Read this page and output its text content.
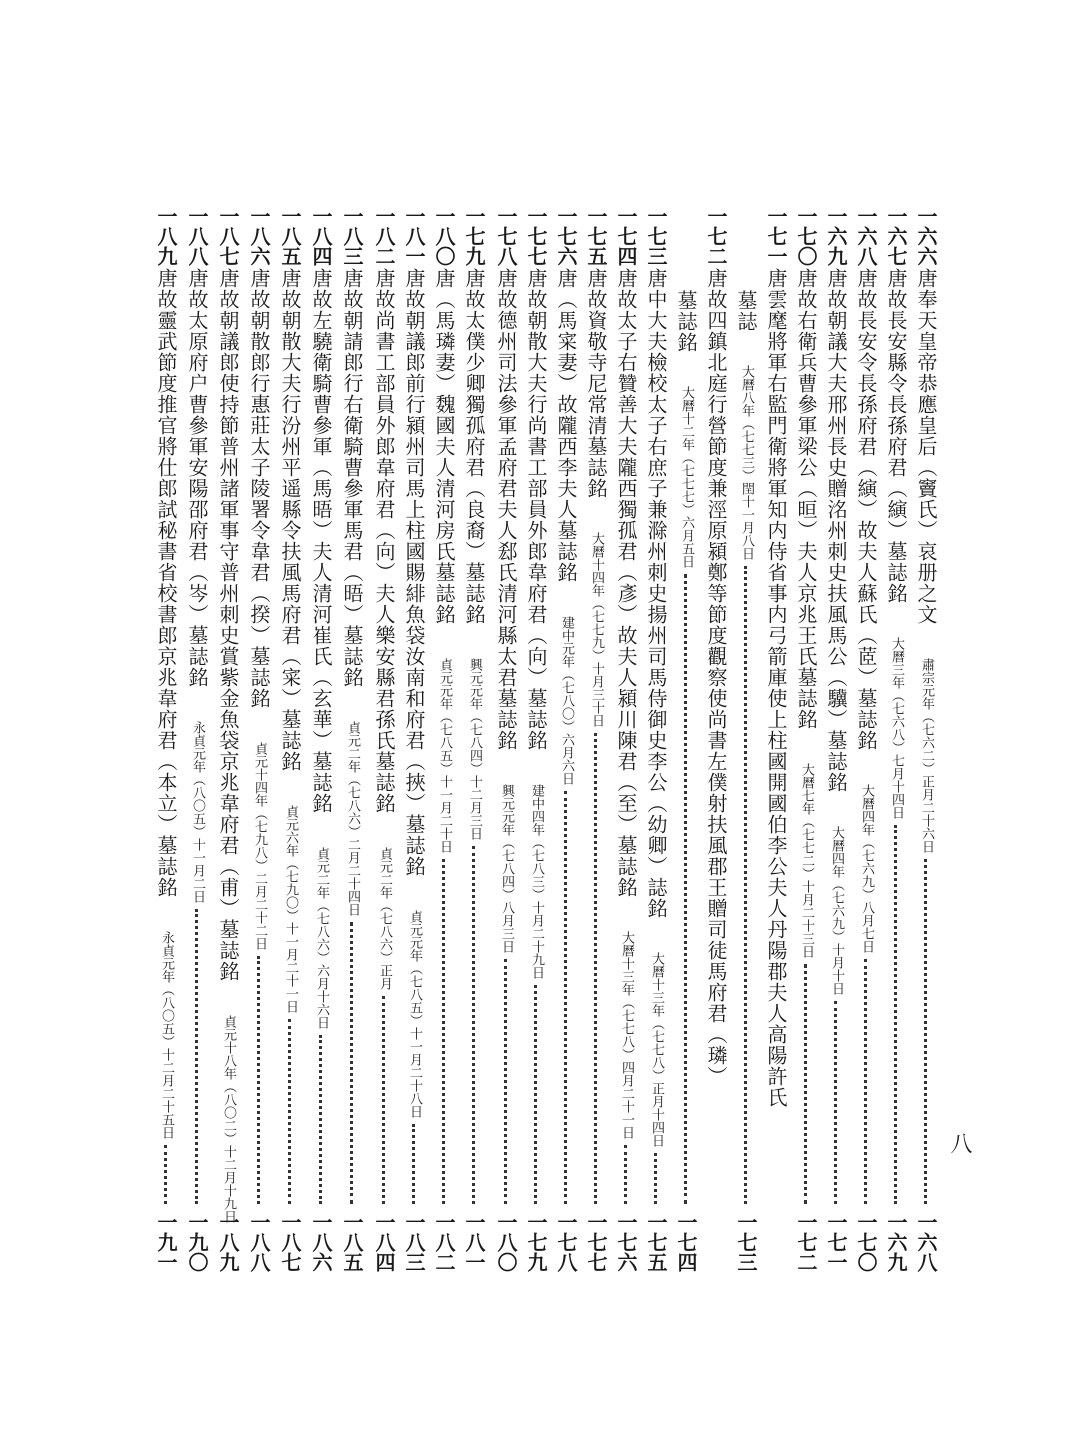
八
一六六
唐奉天皇帝恭應皇后（竇氏）哀册之文　肅宗元年（七六二）正月二十六日
一六八
一六七
唐故長安縣令長孫府君（縯）墓誌銘　大曆三年（七六八）七月十四日
一六九
一六八
唐故長安令長孫府君（縯）故夫人蘇氏（茝）墓誌銘　大曆四年（七六九）八月七日
一七〇
一六九
唐故朝議大夫邢州長史贈洺州刺史扶風馬公（驥）墓誌銘　大曆四年（七六九）十月十日
一七一
一七〇
唐故右衛兵曹參軍梁公（晅）夫人京兆王氏墓誌銘　大曆七年（七七二）十月二十三日
一七二
一七一
唐雲麾將軍右監門衛將軍知内侍省事内弓箭庫使上柱國開國伯李公夫人丹陽郡夫人高陽許氏
墓誌　大曆八年（七七三）閏十一月八日
一七三
一七二
唐故四鎮北庭行營節度兼涇原潁鄭等節度觀察使尚書左僕射扶風郡王贈司徒馬府君（璘）
墓誌銘　大曆十二年（七七七）六月五日
一七四
一七三
唐中大夫檢校太子右庶子兼滁州刺史揚州司馬侍御史李公（幼卿）誌銘　大曆十三年（七七八）正月十四日
一七五
一七四
唐故太子右贊善大夫隴西獨孤君（彥）故夫人潁川陳君（至）墓誌銘　大曆十三年（七七八）四月二十一日
一七六
一七五
唐故資敬寺尼常清墓誌銘　大曆十四年（七七九）十月三十日
一七七
一七六
唐（馬寀妻）故隴西李夫人墓誌銘　建中元年（七八〇）六月六日
一七八
一七七
唐故朝散大夫行尚書工部員外郎韋府君（向）墓誌銘　建中四年（七八三）十月二十九日
一七九
一七八
唐故德州司法參軍孟府君夫人郄氏清河縣太君墓誌銘　興元元年（七八四）八月三日
一八〇
一七九
唐故太僕少卿獨孤府君（良裔）墓誌銘　興元元年（七八四）十二月三日
一八一
一八〇
唐（馬璘妻）魏國夫人清河房氏墓誌銘　貞元元年（七八五）十一月二十日
一八二
一八一
唐故朝議郎前行潁州司馬上柱國賜緋魚袋汝南和府君（挾）墓誌銘　貞元元年（七八五）十一月二十八日
一八三
一八二
唐故尚書工部員外郎韋府君（向）夫人樂安縣君孫氏墓誌銘　貞元二年（七八六）正月
一八四
一八三
唐故朝請郎行右衛騎曹參軍馬君（晤）墓誌銘　貞元二年（七八六）二月二十四日
一八五
一八四
唐故左驍衛騎曹參軍（馬晤）夫人清河崔氏（玄華）墓誌銘　貞元二年（七八六）六月十六日
一八六
一八五
唐故朝散大夫行汾州平遥縣令扶風馬府君（寀）墓誌銘　貞元六年（七九〇）十一月二十一日
一八七
一八六
唐故朝散郎行惠莊太子陵署令韋君（揆）墓誌銘　貞元十四年（七九八）二月二十二日
一八八
一八七
唐故朝議郎使持節普州諸軍事守普州刺史賞紫金魚袋京兆韋府君（甫）墓誌銘　貞元十八年（八〇二）十二月十九日
一八九
一八八
唐故太原府户曹參軍安陽邵府君（岑）墓誌銘　永貞元年（八〇五）十一月二日
一九〇
一八九
唐故靈武節度推官將仕郎試秘書省校書郎京兆韋府君（本立）墓誌銘　永貞元年（八〇五）十二月二十五日
一九一
